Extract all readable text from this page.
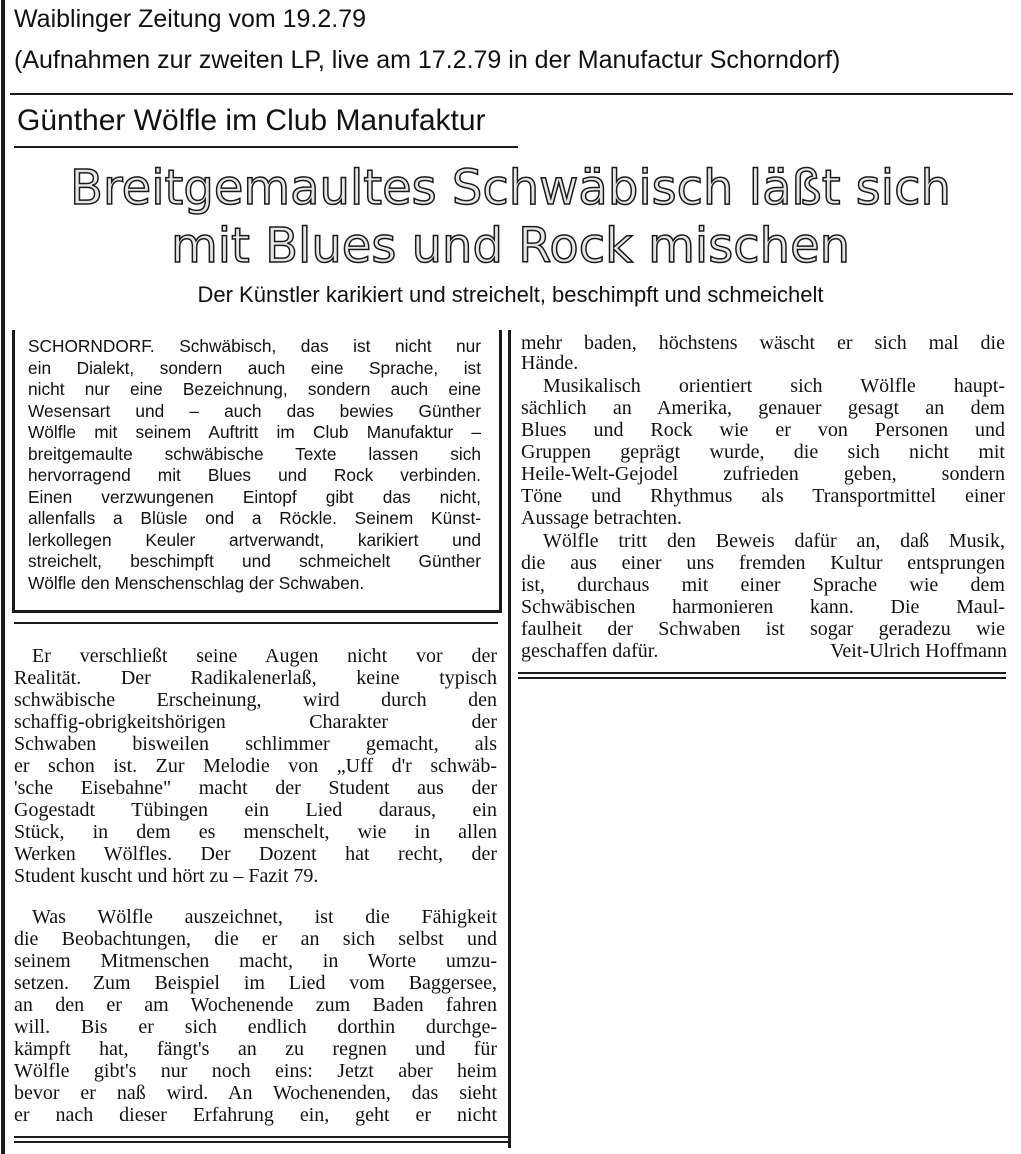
Waiblinger Zeitung vom 19.2.79
(Aufnahmen zur zweiten LP, live am 17.2.79 in der Manufactur Schorndorf)
Günther Wölfle im Club Manufaktur
Breitgemaultes Schwäbisch läßt sich
mit Blues und Rock mischen
Der Künstler karikiert und streichelt, beschimpft und schmeichelt
SCHORNDORF. Schwäbisch, das ist nicht nur
ein Dialekt, sondern auch eine Sprache, ist
nicht nur eine Bezeichnung, sondern auch eine
Wesensart und – auch das bewies Günther
Wölfle mit seinem Auftritt im Club Manufaktur –
breitgemaulte schwäbische Texte lassen sich
hervorragend mit Blues und Rock verbinden.
Einen verzwungenen Eintopf gibt das nicht,
allenfalls a Blüsle ond a Röckle. Seinem Künst-
lerkollegen Keuler artverwandt, karikiert und
streichelt, beschimpft und schmeichelt Günther
Wölfle den Menschenschlag der Schwaben.
Er verschließt seine Augen nicht vor der
Realität. Der Radikalenerlaß, keine typisch
schwäbische Erscheinung, wird durch den
schaffig-obrigkeitshörigen Charakter der
Schwaben bisweilen schlimmer gemacht, als
er schon ist. Zur Melodie von „Uff d'r schwäb-
'sche Eisebahne" macht der Student aus der
Gogestadt Tübingen ein Lied daraus, ein
Stück, in dem es menschelt, wie in allen
Werken Wölfles. Der Dozent hat recht, der
Student kuscht und hört zu – Fazit 79.
Was Wölfle auszeichnet, ist die Fähigkeit
die Beobachtungen, die er an sich selbst und
seinem Mitmenschen macht, in Worte umzu-
setzen. Zum Beispiel im Lied vom Baggersee,
an den er am Wochenende zum Baden fahren
will. Bis er sich endlich dorthin durchge-
kämpft hat, fängt's an zu regnen und für
Wölfle gibt's nur noch eins: Jetzt aber heim
bevor er naß wird. An Wochenenden, das sieht
er nach dieser Erfahrung ein, geht er nicht
mehr baden, höchstens wäscht er sich mal die
Hände.
Musikalisch orientiert sich Wölfle haupt-
sächlich an Amerika, genauer gesagt an dem
Blues und Rock wie er von Personen und
Gruppen geprägt wurde, die sich nicht mit
Heile-Welt-Gejodel zufrieden geben, sondern
Töne und Rhythmus als Transportmittel einer
Aussage betrachten.
Wölfle tritt den Beweis dafür an, daß Musik,
die aus einer uns fremden Kultur entsprungen
ist, durchaus mit einer Sprache wie dem
Schwäbischen harmonieren kann. Die Maul-
faulheit der Schwaben ist sogar geradezu wie
geschaffen dafür.	Veit-Ulrich Hoffmann
